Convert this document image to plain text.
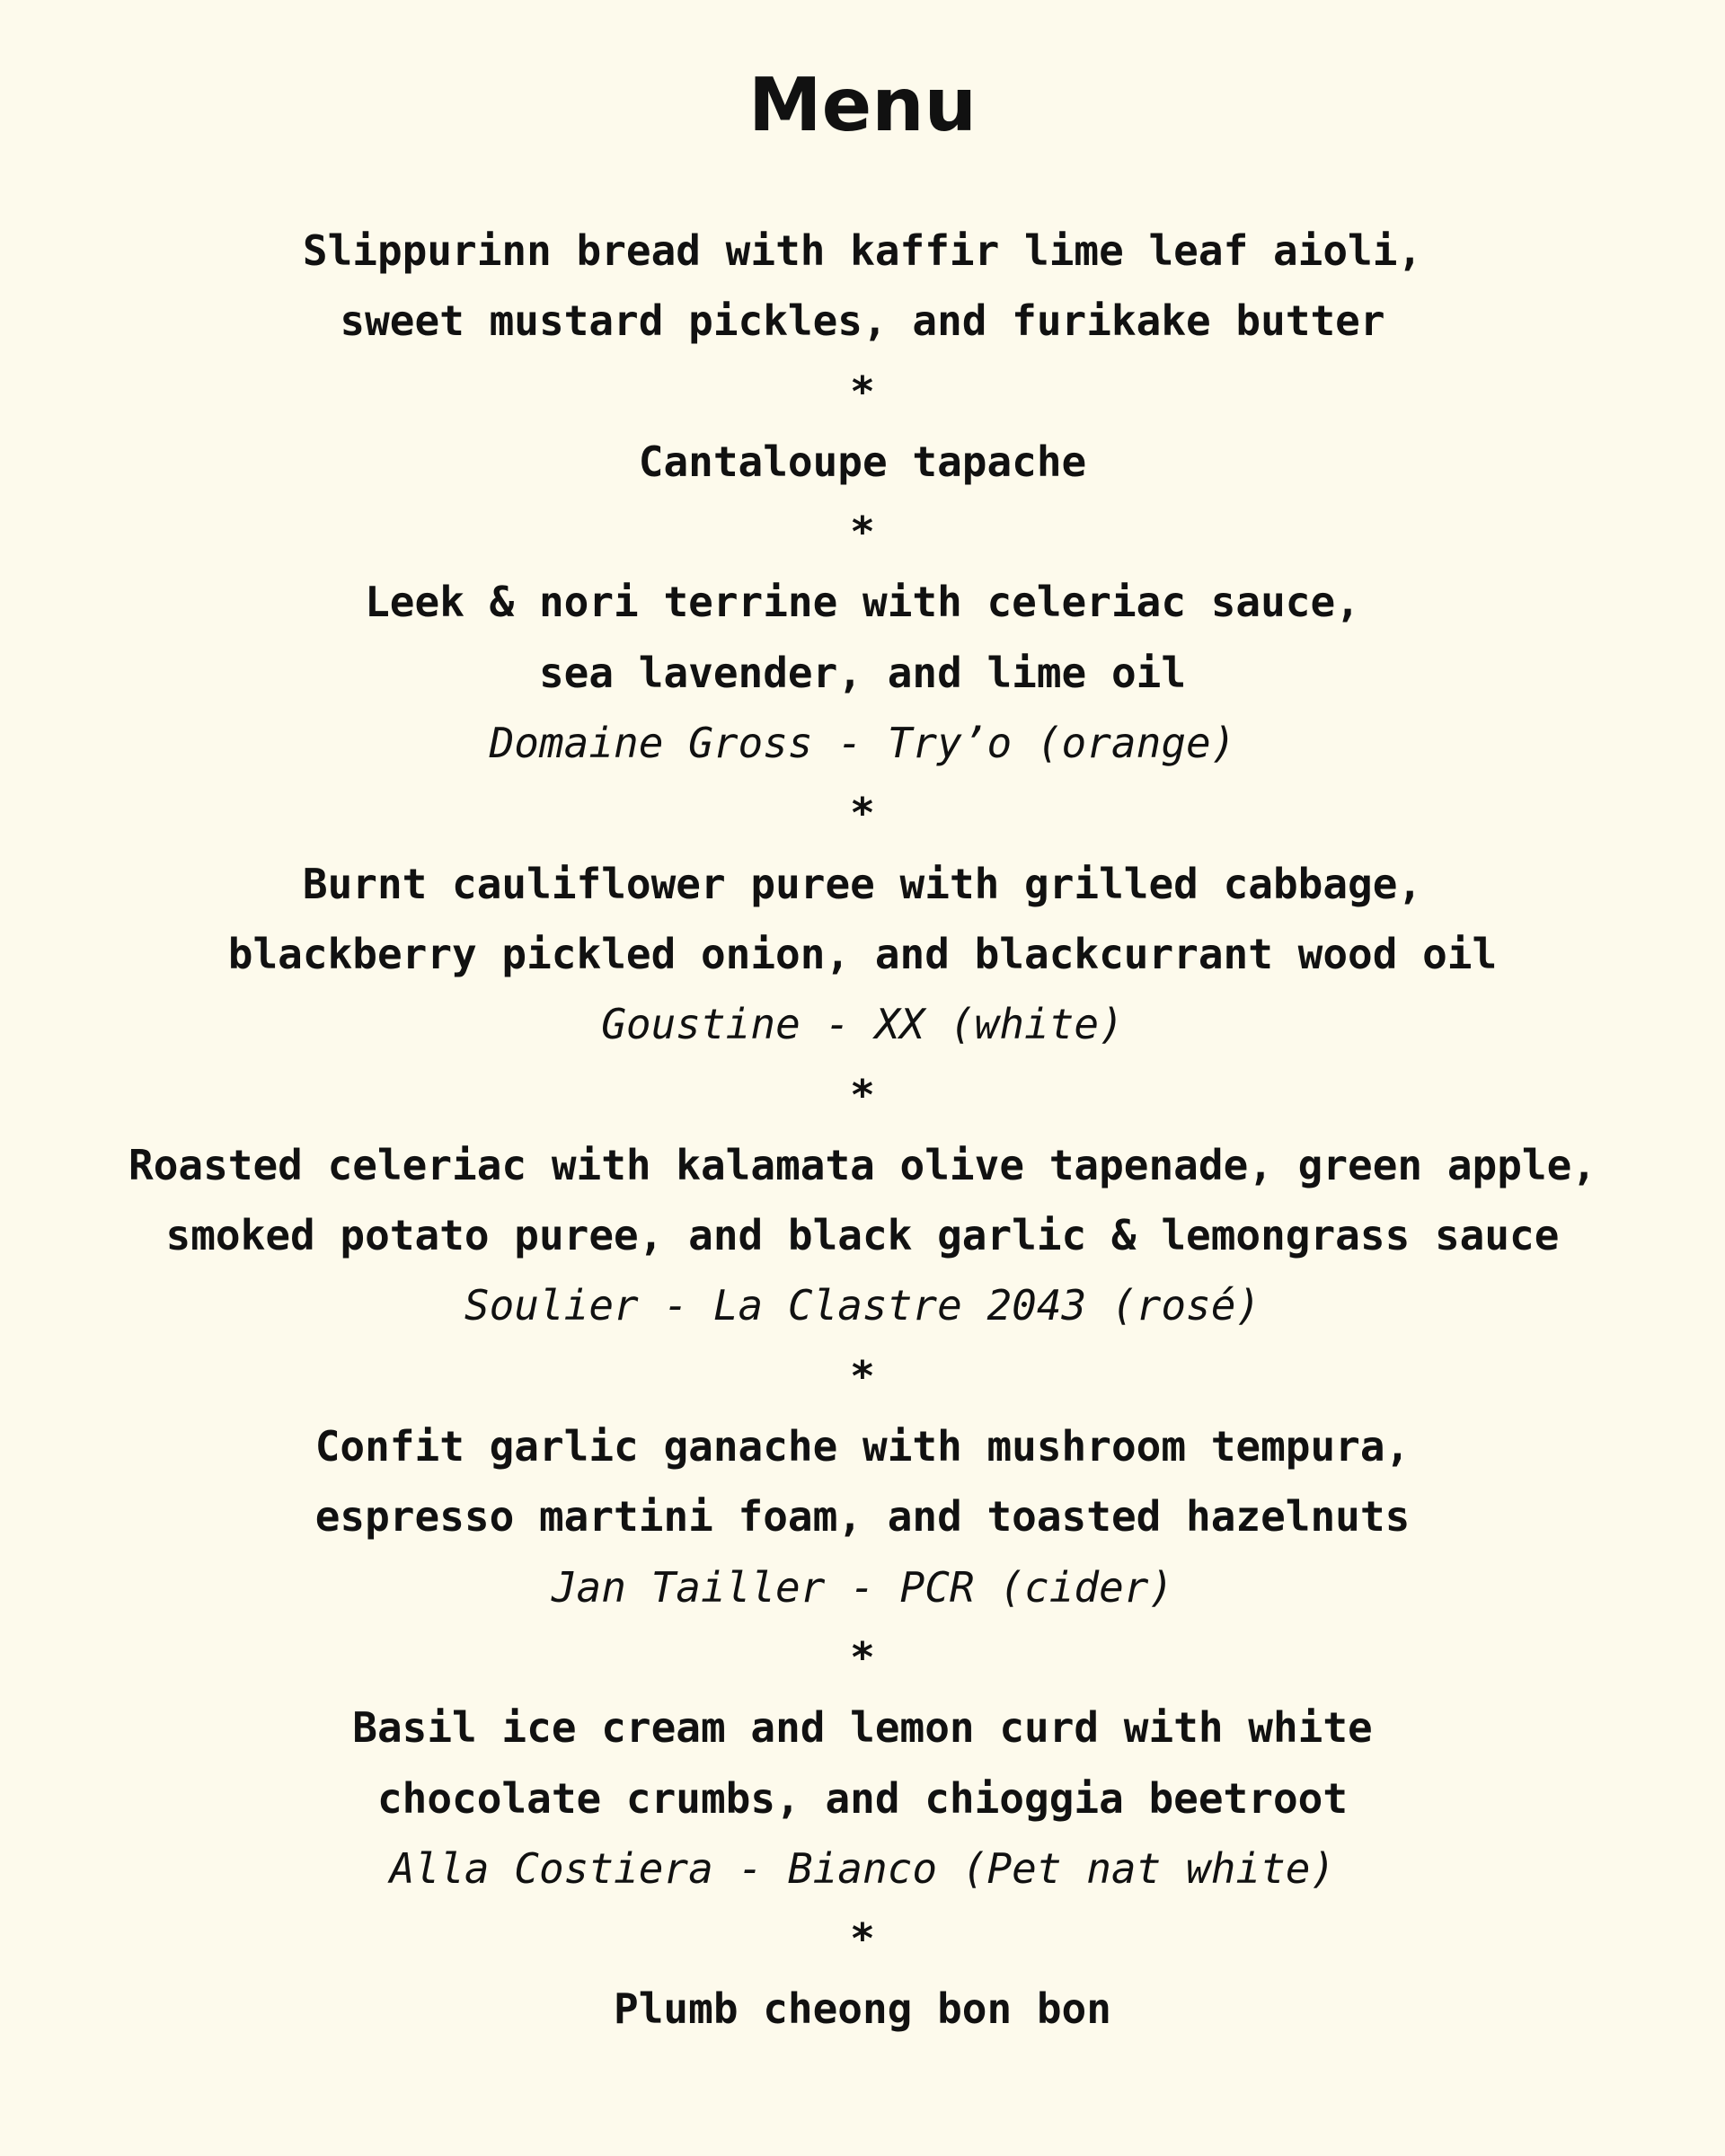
Menu
Slippurinn bread with kaffir lime leaf aioli,
sweet mustard pickles, and furikake butter
*
Cantaloupe tapache
*
Leek & nori terrine with celeriac sauce,
sea lavender, and lime oil
Domaine Gross - Try’o (orange)
*
Burnt cauliflower puree with grilled cabbage,
blackberry pickled onion, and blackcurrant wood oil
Goustine - XX (white)
*
Roasted celeriac with kalamata olive tapenade, green apple,
smoked potato puree, and black garlic & lemongrass sauce
Soulier - La Clastre 2043 (rosé)
*
Confit garlic ganache with mushroom tempura,
espresso martini foam, and toasted hazelnuts
Jan Tailler - PCR (cider)
*
Basil ice cream and lemon curd with white
chocolate crumbs, and chioggia beetroot
Alla Costiera - Bianco (Pet nat white)
*
Plumb cheong bon bon
